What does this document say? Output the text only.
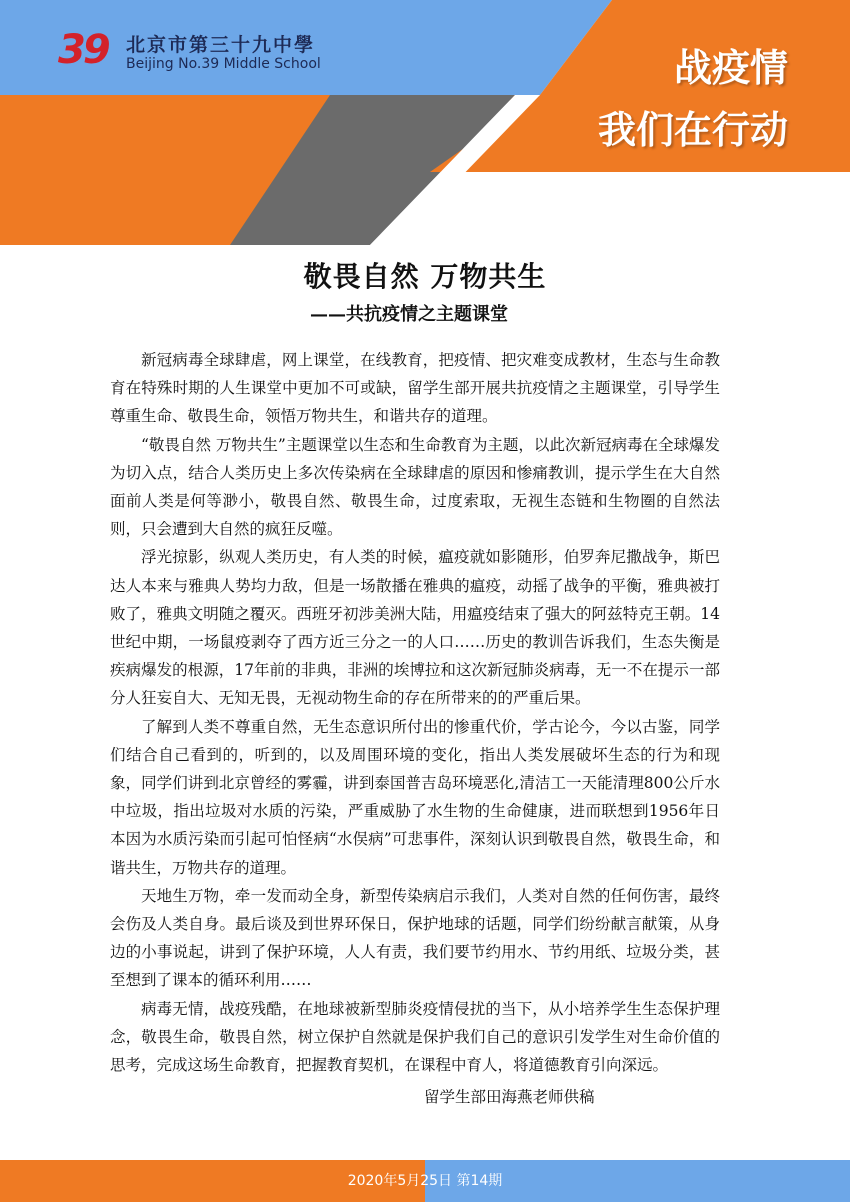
39 北京市第三十九中學
Beijing No.39 Middle School	战疫情
我们在行动
敬畏自然 万物共生
——共抗疫情之主题课堂

新冠病毒全球肆虐，网上课堂，在线教育，把疫情、把灾难变成教材，生态与生命教育在特殊时期的人生课堂中更加不可或缺，留学生部开展共抗疫情之主题课堂，引导学生尊重生命、敬畏生命，领悟万物共生，和谐共存的道理。

“敬畏自然 万物共生”主题课堂以生态和生命教育为主题，以此次新冠病毒在全球爆发为切入点，结合人类历史上多次传染病在全球肆虐的原因和惨痛教训，提示学生在大自然面前人类是何等渺小，敬畏自然、敬畏生命，过度索取，无视生态链和生物圈的自然法则，只会遭到大自然的疯狂反噬。

浮光掠影，纵观人类历史，有人类的时候，瘟疫就如影随形，伯罗奔尼撒战争，斯巴达人本来与雅典人势均力敌，但是一场散播在雅典的瘟疫，动摇了战争的平衡，雅典被打败了，雅典文明随之覆灭。西班牙初涉美洲大陆，用瘟疫结束了强大的阿兹特克王朝。14世纪中期，一场鼠疫剥夺了西方近三分之一的人口……历史的教训告诉我们，生态失衡是疾病爆发的根源，17年前的非典，非洲的埃博拉和这次新冠肺炎病毒，无一不在提示一部分人狂妄自大、无知无畏，无视动物生命的存在所带来的的严重后果。

了解到人类不尊重自然，无生态意识所付出的惨重代价，学古论今，今以古鉴，同学们结合自己看到的，听到的，以及周围环境的变化，指出人类发展破坏生态的行为和现象，同学们讲到北京曾经的雾霾，讲到泰国普吉岛环境恶化,清洁工一天能清理800公斤水中垃圾，指出垃圾对水质的污染，严重威胁了水生物的生命健康，进而联想到1956年日本因为水质污染而引起可怕怪病“水俣病”可悲事件，深刻认识到敬畏自然，敬畏生命，和谐共生，万物共存的道理。

天地生万物，牵一发而动全身，新型传染病启示我们，人类对自然的任何伤害，最终会伤及人类自身。最后谈及到世界环保日，保护地球的话题，同学们纷纷献言献策，从身边的小事说起，讲到了保护环境，人人有责，我们要节约用水、节约用纸、垃圾分类，甚至想到了课本的循环利用……

病毒无情，战疫残酷，在地球被新型肺炎疫情侵扰的当下，从小培养学生生态保护理念，敬畏生命，敬畏自然，树立保护自然就是保护我们自己的意识引发学生对生命价值的思考，完成这场生命教育，把握教育契机，在课程中育人，将道德教育引向深远。

留学生部田海燕老师供稿
2020年5月25日 第14期
